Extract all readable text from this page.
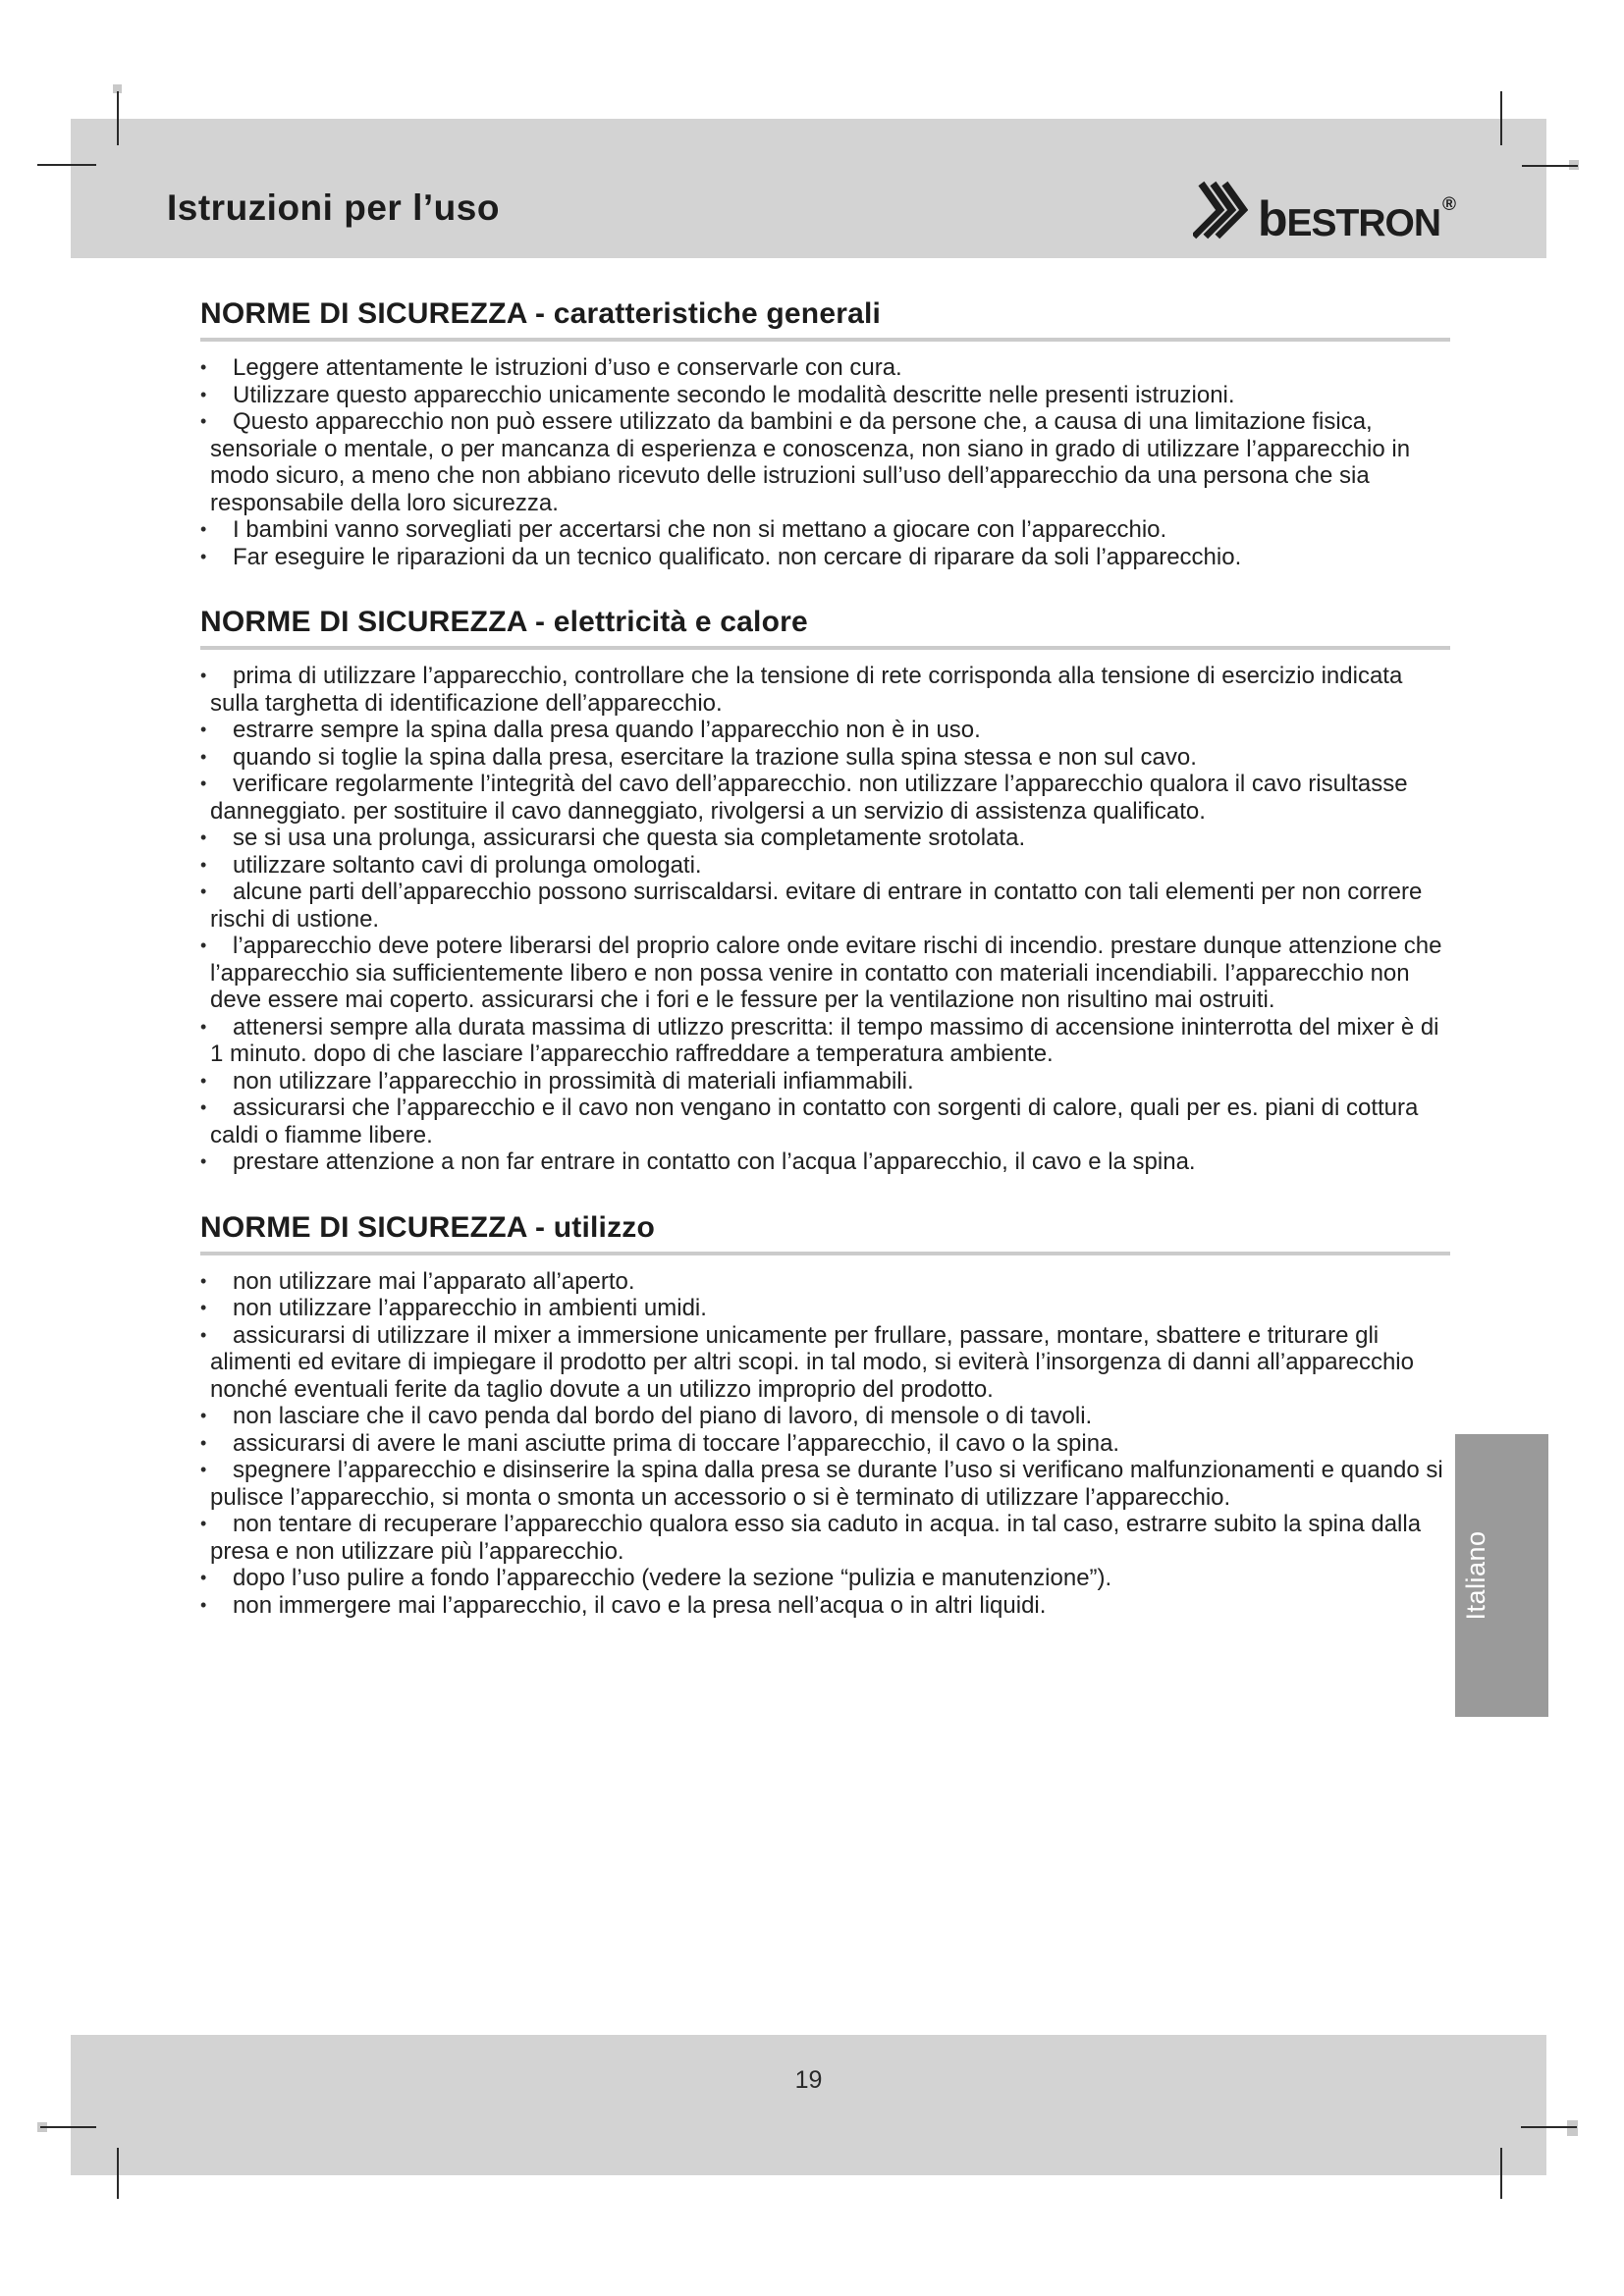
Istruzioni per l’uso	bESTRON ®
NORME DI SICUREZZA - caratteristiche generali
• Leggere attentamente le istruzioni d’uso e conservarle con cura.
• Utilizzare questo apparecchio unicamente secondo le modalità descritte nelle presenti istruzioni.
• Questo apparecchio non può essere utilizzato da bambini e da persone che, a causa di una limitazione fisica, sensoriale o mentale, o per mancanza di esperienza e conoscenza, non siano in grado di utilizzare l’apparecchio in modo sicuro, a meno che non abbiano ricevuto delle istruzioni sull’uso dell’apparecchio da una persona che sia responsabile della loro sicurezza.
• I bambini vanno sorvegliati per accertarsi che non si mettano a giocare con l’apparecchio.
• Far eseguire le riparazioni da un tecnico qualificato. non cercare di riparare da soli l’apparecchio.
NORME DI SICUREZZA - elettricità e calore
• prima di utilizzare l’apparecchio, controllare che la tensione di rete corrisponda alla tensione di esercizio indicata sulla targhetta di identificazione dell’apparecchio.
• estrarre sempre la spina dalla presa quando l’apparecchio non è in uso.
• quando si toglie la spina dalla presa, esercitare la trazione sulla spina stessa e non sul cavo.
• verificare regolarmente l’integrità del cavo dell’apparecchio. non utilizzare l’apparecchio qualora il cavo risultasse danneggiato. per sostituire il cavo danneggiato, rivolgersi a un servizio di assistenza qualificato.
• se si usa una prolunga, assicurarsi che questa sia completamente srotolata.
• utilizzare soltanto cavi di prolunga omologati.
• alcune parti dell’apparecchio possono surriscaldarsi. evitare di entrare in contatto con tali elementi per non correre rischi di ustione.
• l’apparecchio deve potere liberarsi del proprio calore onde evitare rischi di incendio. prestare dunque attenzione che l’apparecchio sia sufficientemente libero e non possa venire in contatto con materiali incendiabili. l’apparecchio non deve essere mai coperto. assicurarsi che i fori e le fessure per la ventilazione non risultino mai ostruiti.
• attenersi sempre alla durata massima di utlizzo prescritta: il tempo massimo di accensione ininterrotta del mixer è di 1 minuto. dopo di che lasciare l’apparecchio raffreddare a temperatura ambiente.
• non utilizzare l’apparecchio in prossimità di materiali infiammabili.
• assicurarsi che l’apparecchio e il cavo non vengano in contatto con sorgenti di calore, quali per es. piani di cottura caldi o fiamme libere.
• prestare attenzione a non far entrare in contatto con l’acqua l’apparecchio, il cavo e la spina.
NORME DI SICUREZZA - utilizzo
• non utilizzare mai l’apparato all’aperto.
• non utilizzare l’apparecchio in ambienti umidi.
• assicurarsi di utilizzare il mixer a immersione unicamente per frullare, passare, montare, sbattere e triturare gli alimenti ed evitare di impiegare il prodotto per altri scopi. in tal modo, si eviterà l’insorgenza di danni all’apparecchio nonché eventuali ferite da taglio dovute a un utilizzo improprio del prodotto.
• non lasciare che il cavo penda dal bordo del piano di lavoro, di mensole o di tavoli.
• assicurarsi di avere le mani asciutte prima di toccare l’apparecchio, il cavo o la spina.
• spegnere l’apparecchio e disinserire la spina dalla presa se durante l’uso si verificano malfunzionamenti e quando si pulisce l’apparecchio, si monta o smonta un accessorio o si è terminato di utilizzare l’apparecchio.
• non tentare di recuperare l’apparecchio qualora esso sia caduto in acqua. in tal caso, estrarre subito la spina dalla presa e non utilizzare più l’apparecchio.
• dopo l’uso pulire a fondo l’apparecchio (vedere la sezione “pulizia e manutenzione”).
• non immergere mai l’apparecchio, il cavo e la presa nell’acqua o in altri liquidi.	Italiano
19
